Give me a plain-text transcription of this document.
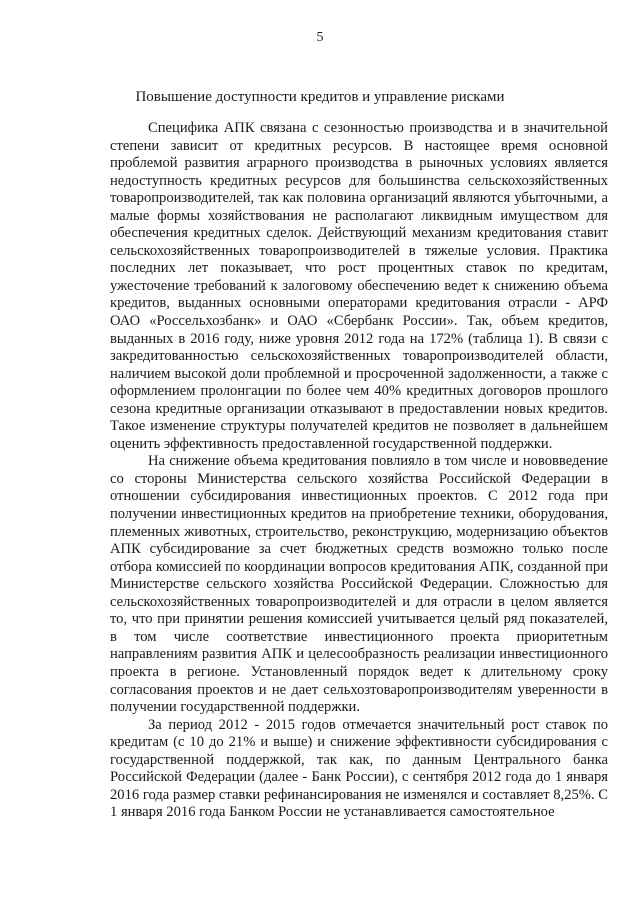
5
Повышение доступности кредитов и управление рисками

Специфика АПК связана с сезонностью производства и в значительной степени зависит от кредитных ресурсов. В настоящее время основной проблемой развития аграрного производства в рыночных условиях является недоступность кредитных ресурсов для большинства сельскохозяйственных товаропроизводителей, так как половина организаций являются убыточными, а малые формы хозяйствования не располагают ликвидным имуществом для обеспечения кредитных сделок. Действующий механизм кредитования ставит сельскохозяйственных товаропроизводителей в тяжелые условия. Практика последних лет показывает, что рост процентных ставок по кредитам, ужесточение требований к залоговому обеспечению ведет к снижению объема кредитов, выданных основными операторами кредитования отрасли - АРФ ОАО «Россельхозбанк» и ОАО «Сбербанк России». Так, объем кредитов, выданных в 2016 году, ниже уровня 2012 года на 172% (таблица 1). В связи с закредитованностью сельскохозяйственных товаропроизводителей области, наличием высокой доли проблемной и просроченной задолженности, а также с оформлением пролонгации по более чем 40% кредитных договоров прошлого сезона кредитные организации отказывают в предоставлении новых кредитов. Такое изменение структуры получателей кредитов не позволяет в дальнейшем оценить эффективность предоставленной государственной поддержки.

На снижение объема кредитования повлияло в том числе и нововведение со стороны Министерства сельского хозяйства Российской Федерации в отношении субсидирования инвестиционных проектов. С 2012 года при получении инвестиционных кредитов на приобретение техники, оборудования, племенных животных, строительство, реконструкцию, модернизацию объектов АПК субсидирование за счет бюджетных средств возможно только после отбора комиссией по координации вопросов кредитования АПК, созданной при Министерстве сельского хозяйства Российской Федерации. Сложностью для сельскохозяйственных товаропроизводителей и для отрасли в целом является то, что при принятии решения комиссией учитывается целый ряд показателей, в том числе соответствие инвестиционного проекта приоритетным направлениям развития АПК и целесообразность реализации инвестиционного проекта в регионе. Установленный порядок ведет к длительному сроку согласования проектов и не дает сельхозтоваропроизводителям уверенности в получении государственной поддержки.

За период 2012 - 2015 годов отмечается значительный рост ставок по кредитам (с 10 до 21% и выше) и снижение эффективности субсидирования с государственной поддержкой, так как, по данным Центрального банка Российской Федерации (далее - Банк России), с сентября 2012 года до 1 января 2016 года размер ставки рефинансирования не изменялся и составляет 8,25%. С 1 января 2016 года Банком России не устанавливается самостоятельное
